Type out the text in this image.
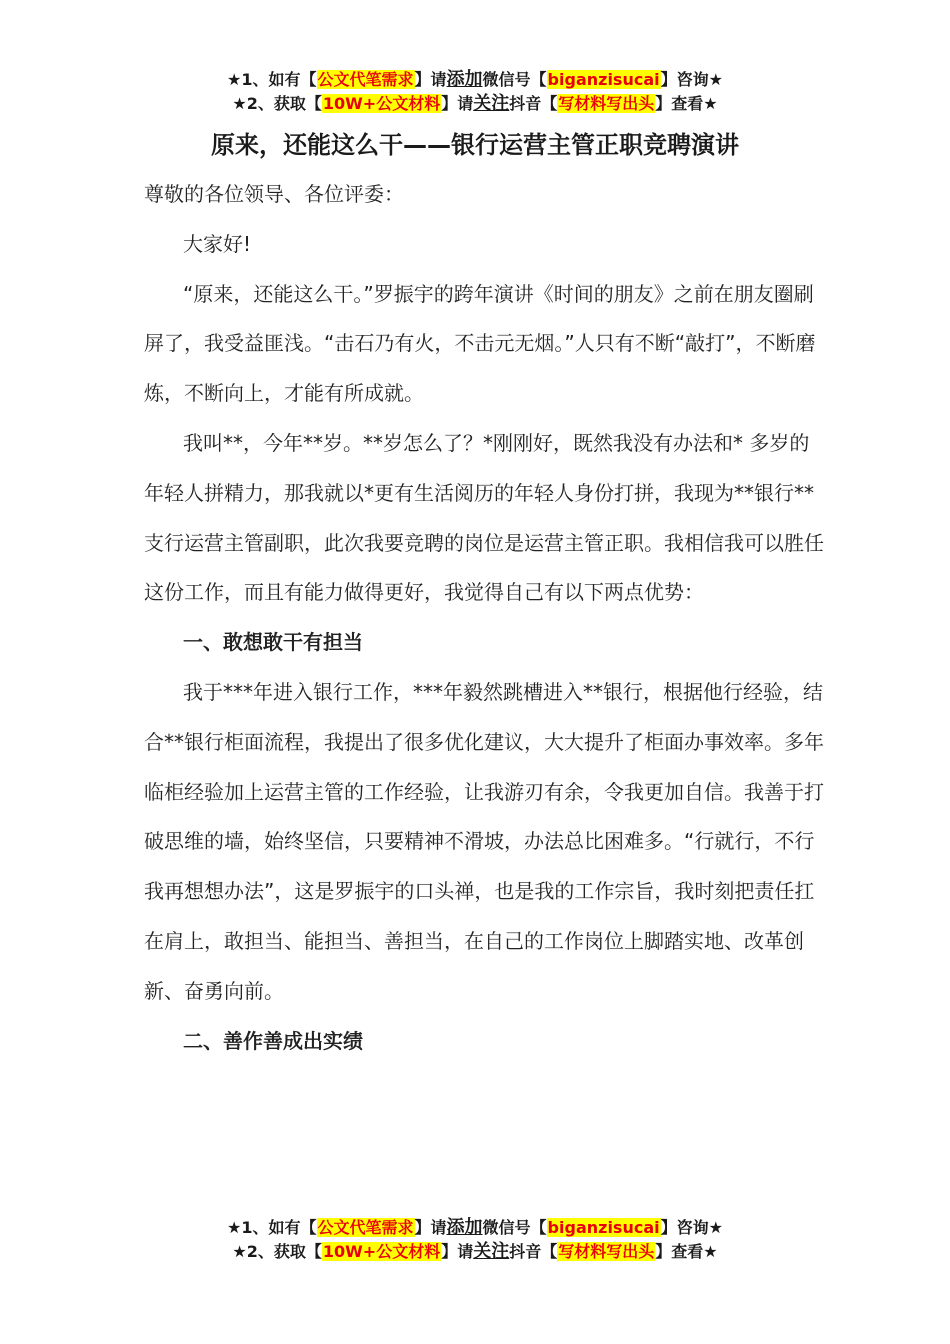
★1、如有【公文代笔需求】请添加微信号【biganzisucai】咨询★
★2、获取【10W+公文材料】请关注抖音【写材料写出头】查看★
原来，还能这么干——银行运营主管正职竞聘演讲

尊敬的各位领导、各位评委：

大家好!

“原来，还能这么干。”罗振宇的跨年演讲《时间的朋友》之前在朋友圈刷屏了，我受益匪浅。“击石乃有火，不击元无烟。”人只有不断“敲打”，不断磨炼，不断向上，才能有所成就。

我叫**，今年**岁。**岁怎么了？*刚刚好，既然我没有办法和* 多岁的年轻人拼精力，那我就以*更有生活阅历的年轻人身份打拼，我现为**银行**支行运营主管副职，此次我要竞聘的岗位是运营主管正职。我相信我可以胜任这份工作，而且有能力做得更好，我觉得自己有以下两点优势：

一、敢想敢干有担当

我于***年进入银行工作，***年毅然跳槽进入**银行，根据他行经验，结合**银行柜面流程，我提出了很多优化建议，大大提升了柜面办事效率。多年临柜经验加上运营主管的工作经验，让我游刃有余，令我更加自信。我善于打破思维的墙，始终坚信，只要精神不滑坡，办法总比困难多。“行就行，不行我再想想办法”，这是罗振宇的口头禅，也是我的工作宗旨，我时刻把责任扛在肩上，敢担当、能担当、善担当，在自己的工作岗位上脚踏实地、改革创新、奋勇向前。

二、善作善成出实绩

★1、如有【公文代笔需求】请添加微信号【biganzisucai】咨询★
★2、获取【10W+公文材料】请关注抖音【写材料写出头】查看★
